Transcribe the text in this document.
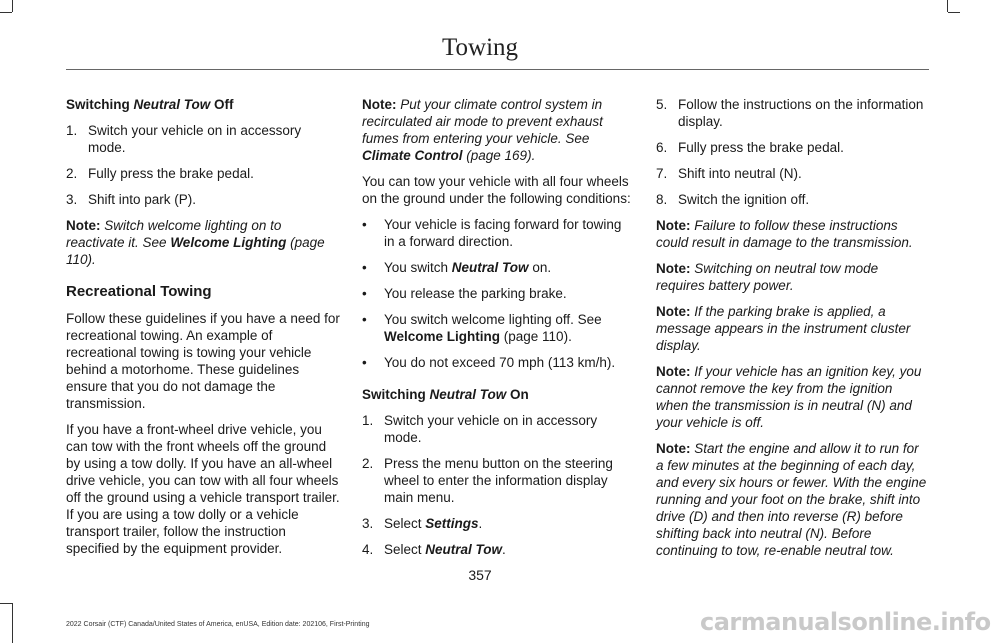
Towing

Switching Neutral Tow Off

1. Switch your vehicle on in accessory mode.
2. Fully press the brake pedal.
3. Shift into park (P).

Note: Switch welcome lighting on to reactivate it. See Welcome Lighting (page 110).

Recreational Towing

Follow these guidelines if you have a need for recreational towing. An example of recreational towing is towing your vehicle behind a motorhome. These guidelines ensure that you do not damage the transmission.

If you have a front-wheel drive vehicle, you can tow with the front wheels off the ground by using a tow dolly. If you have an all-wheel drive vehicle, you can tow with all four wheels off the ground using a vehicle transport trailer. If you are using a tow dolly or a vehicle transport trailer, follow the instruction specified by the equipment provider.

Note: Put your climate control system in recirculated air mode to prevent exhaust fumes from entering your vehicle. See Climate Control (page 169).

You can tow your vehicle with all four wheels on the ground under the following conditions:

•	Your vehicle is facing forward for towing in a forward direction.
•	You switch Neutral Tow on.
•	You release the parking brake.
•	You switch welcome lighting off. See Welcome Lighting (page 110).
•	You do not exceed 70 mph (113 km/h).

Switching Neutral Tow On

1. Switch your vehicle on in accessory mode.
2. Press the menu button on the steering wheel to enter the information display main menu.
3. Select Settings.
4. Select Neutral Tow.
5. Follow the instructions on the information display.
6. Fully press the brake pedal.
7. Shift into neutral (N).
8. Switch the ignition off.

Note: Failure to follow these instructions could result in damage to the transmission.

Note: Switching on neutral tow mode requires battery power.

Note: If the parking brake is applied, a message appears in the instrument cluster display.

Note: If your vehicle has an ignition key, you cannot remove the key from the ignition when the transmission is in neutral (N) and your vehicle is off.

Note: Start the engine and allow it to run for a few minutes at the beginning of each day, and every six hours or fewer. With the engine running and your foot on the brake, shift into drive (D) and then into reverse (R) before shifting back into neutral (N). Before continuing to tow, re-enable neutral tow.

357
2022 Corsair (CTF) Canada/United States of America, enUSA, Edition date: 202106, First-Printing	carmanualsonline.info
